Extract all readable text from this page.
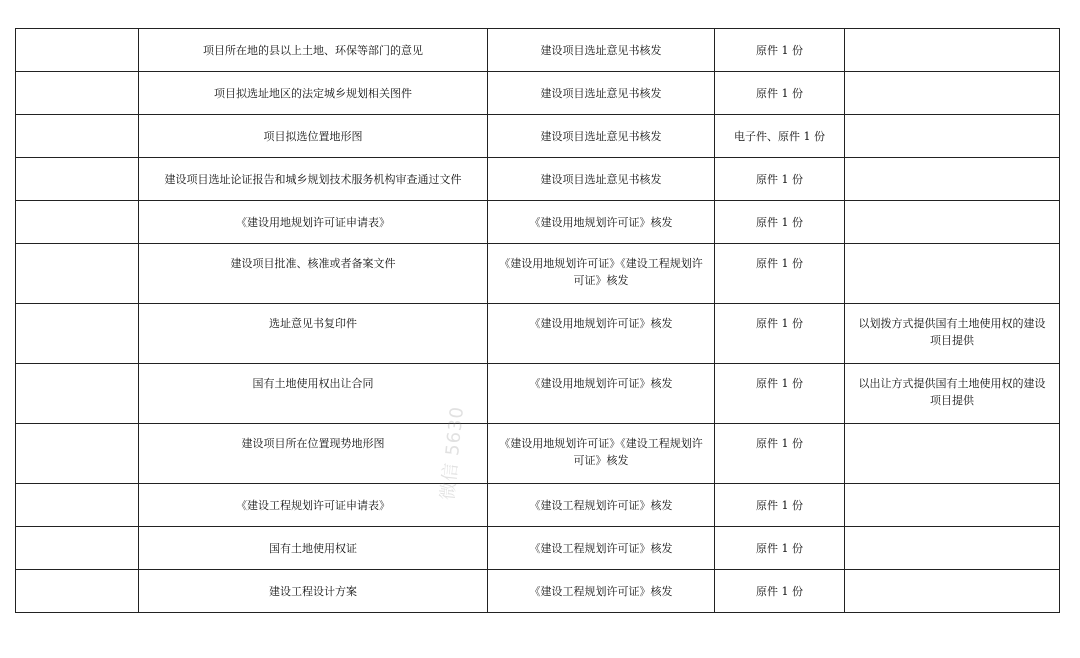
	项目所在地的县以上土地、环保等部门的意见	建设项目选址意见书核发	原件 1 份	
	项目拟选址地区的法定城乡规划相关图件	建设项目选址意见书核发	原件 1 份	
	项目拟选位置地形图	建设项目选址意见书核发	电子件、原件 1 份	
	建设项目选址论证报告和城乡规划技术服务机构审查通过文件	建设项目选址意见书核发	原件 1 份	
	《建设用地规划许可证申请表》	《建设用地规划许可证》核发	原件 1 份	
	建设项目批准、核准或者备案文件	《建设用地规划许可证》《建设工程规划许可证》核发	原件 1 份	
	选址意见书复印件	《建设用地规划许可证》核发	原件 1 份	以划拨方式提供国有土地使用权的建设项目提供
	国有土地使用权出让合同	《建设用地规划许可证》核发	原件 1 份	以出让方式提供国有土地使用权的建设项目提供
	建设项目所在位置现势地形图	《建设用地规划许可证》《建设工程规划许可证》核发	原件 1 份	
	《建设工程规划许可证申请表》	《建设工程规划许可证》核发	原件 1 份	
	国有土地使用权证	《建设工程规划许可证》核发	原件 1 份	
	建设工程设计方案	《建设工程规划许可证》核发	原件 1 份	
微信 5630
